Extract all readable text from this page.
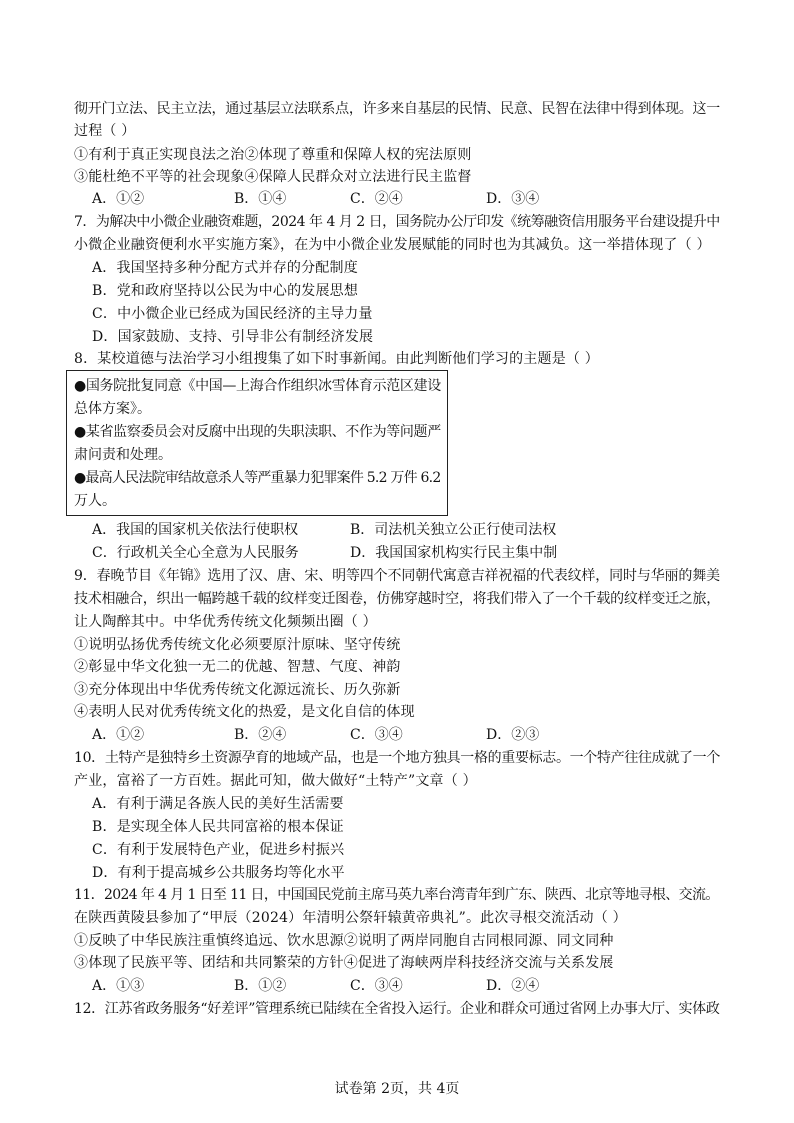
彻开门立法、民主立法，通过基层立法联系点，许多来自基层的民情、民意、民智在法律中得到体现。这一
过程（ ）
①有利于真正实现良法之治②体现了尊重和保障人权的宪法原则
③能杜绝不平等的社会现象④保障人民群众对立法进行民主监督
A．①②	B．①④	C．②④	D．③④
7．为解决中小微企业融资难题，2024 年 4 月 2 日，国务院办公厅印发《统筹融资信用服务平台建设提升中
小微企业融资便利水平实施方案》，在为中小微企业发展赋能的同时也为其减负。这一举措体现了（ ）
A．我国坚持多种分配方式并存的分配制度
B．党和政府坚持以公民为中心的发展思想
C．中小微企业已经成为国民经济的主导力量
D．国家鼓励、支持、引导非公有制经济发展
8．某校道德与法治学习小组搜集了如下时事新闻。由此判断他们学习的主题是（ ）
●国务院批复同意《中国—上海合作组织冰雪体育示范区建设
总体方案》。
●某省监察委员会对反腐中出现的失职渎职、不作为等问题严
肃问责和处理。
●最高人民法院审结故意杀人等严重暴力犯罪案件 5.2 万件 6.2
万人。
A．我国的国家机关依法行使职权	B．司法机关独立公正行使司法权
C．行政机关全心全意为人民服务	D．我国国家机构实行民主集中制
9．春晚节目《年锦》选用了汉、唐、宋、明等四个不同朝代寓意吉祥祝福的代表纹样，同时与华丽的舞美
技术相融合，织出一幅跨越千载的纹样变迁图卷，仿佛穿越时空，将我们带入了一个千载的纹样变迁之旅，
让人陶醉其中。中华优秀传统文化频频出圈（ ）
①说明弘扬优秀传统文化必须要原汁原味、坚守传统
②彰显中华文化独一无二的优越、智慧、气度、神韵
③充分体现出中华优秀传统文化源远流长、历久弥新
④表明人民对优秀传统文化的热爱，是文化自信的体现
A．①②	B．②④	C．③④	D．②③
10．土特产是独特乡土资源孕育的地域产品，也是一个地方独具一格的重要标志。一个特产往往成就了一个
产业，富裕了一方百姓。据此可知，做大做好“土特产”文章（ ）
A．有利于满足各族人民的美好生活需要
B．是实现全体人民共同富裕的根本保证
C．有利于发展特色产业，促进乡村振兴
D．有利于提高城乡公共服务均等化水平
11．2024 年 4 月 1 日至 11 日，中国国民党前主席马英九率台湾青年到广东、陕西、北京等地寻根、交流。
在陕西黄陵县参加了“甲辰（2024）年清明公祭轩辕黄帝典礼”。此次寻根交流活动（ ）
①反映了中华民族注重慎终追远、饮水思源②说明了两岸同胞自古同根同源、同文同种
③体现了民族平等、团结和共同繁荣的方针④促进了海峡两岸科技经济交流与关系发展
A．①③	B．①②	C．③④	D．②④
12．江苏省政务服务“好差评”管理系统已陆续在全省投入运行。企业和群众可通过省网上办事大厅、实体政
试卷第 2页，共 4页
